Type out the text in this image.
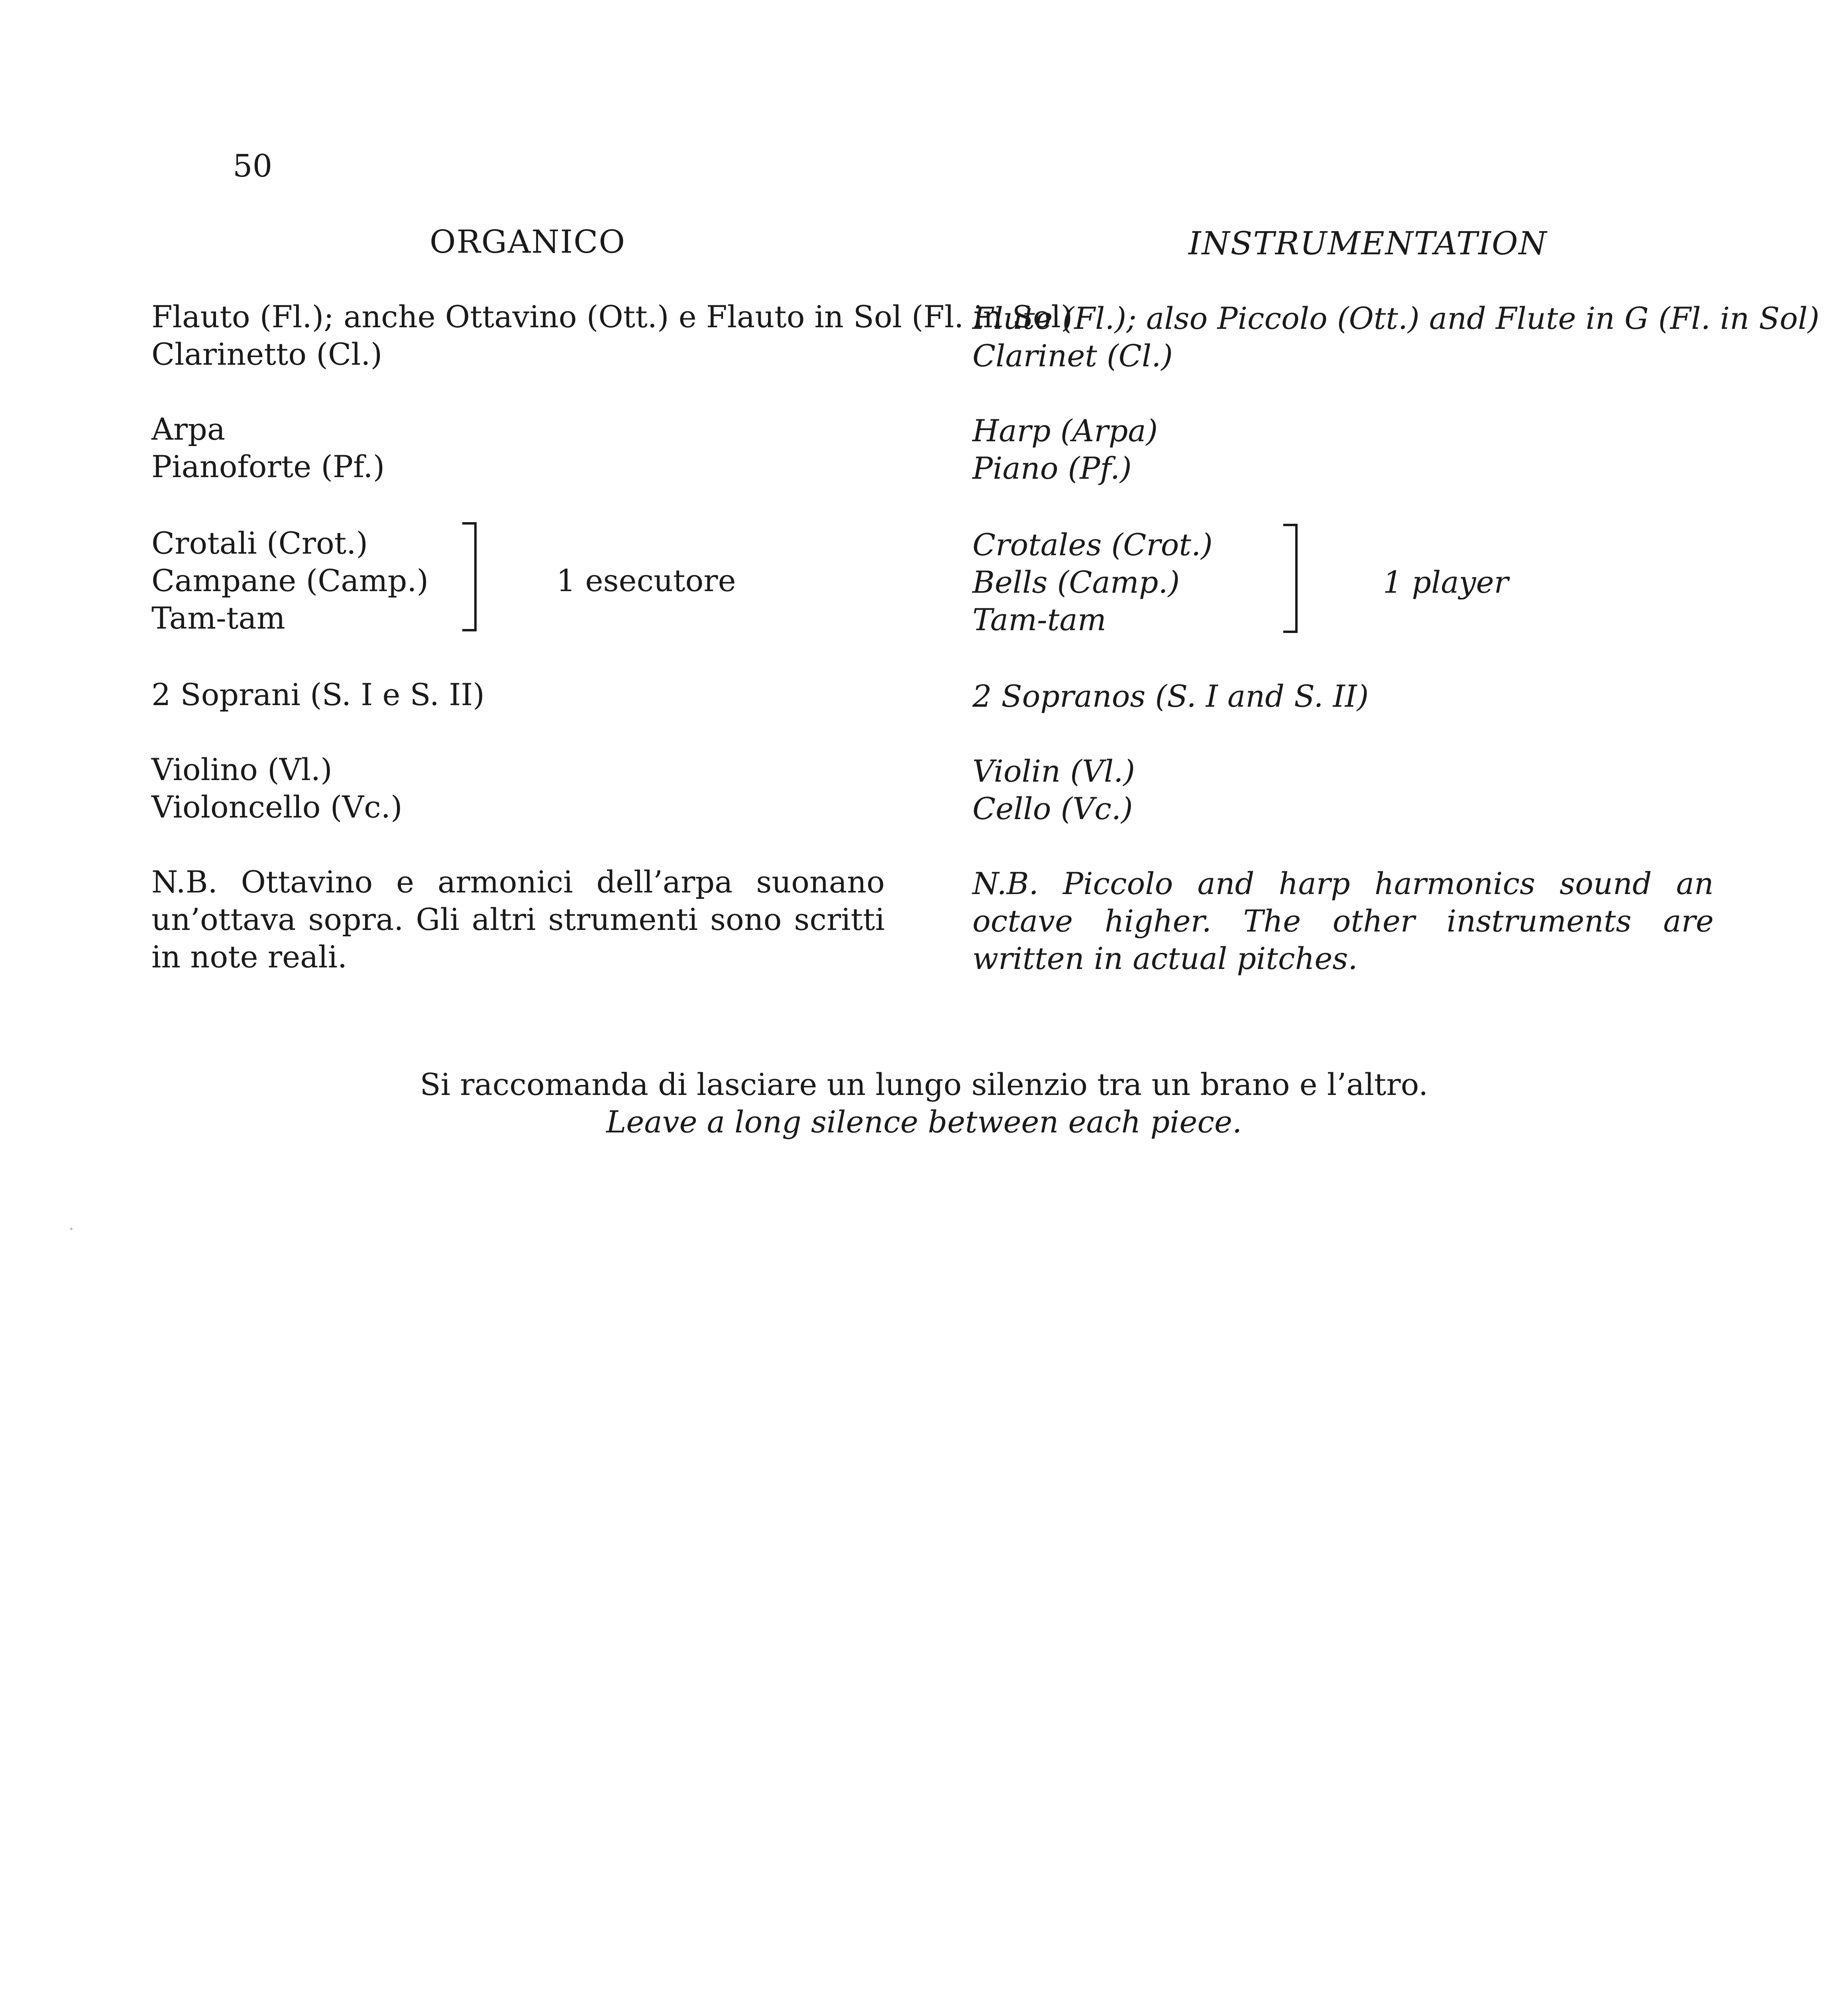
50
ORGANICO
Flauto (Fl.); anche Ottavino (Ott.) e Flauto in Sol (Fl. in Sol)
Clarinetto (Cl.)
Arpa
Pianoforte (Pf.)
Crotali (Crot.)
Campane (Camp.)
Tam-tam
1 esecutore
2 Soprani (S. I e S. II)
Violino (Vl.)
Violoncello (Vc.)
N.B. Ottavino e armonici dell’arpa suonano un’ottava sopra. Gli altri strumenti sono scritti in note reali.
INSTRUMENTATION
Flute (Fl.); also Piccolo (Ott.) and Flute in G (Fl. in Sol)
Clarinet (Cl.)
Harp (Arpa)
Piano (Pf.)
Crotales (Crot.)
Bells (Camp.)
Tam-tam
1 player
2 Sopranos (S. I and S. II)
Violin (Vl.)
Cello (Vc.)
N.B. Piccolo and harp harmonics sound an octave higher. The other instruments are written in actual pitches.
Si raccomanda di lasciare un lungo silenzio tra un brano e l’altro.
Leave a long silence between each piece.
